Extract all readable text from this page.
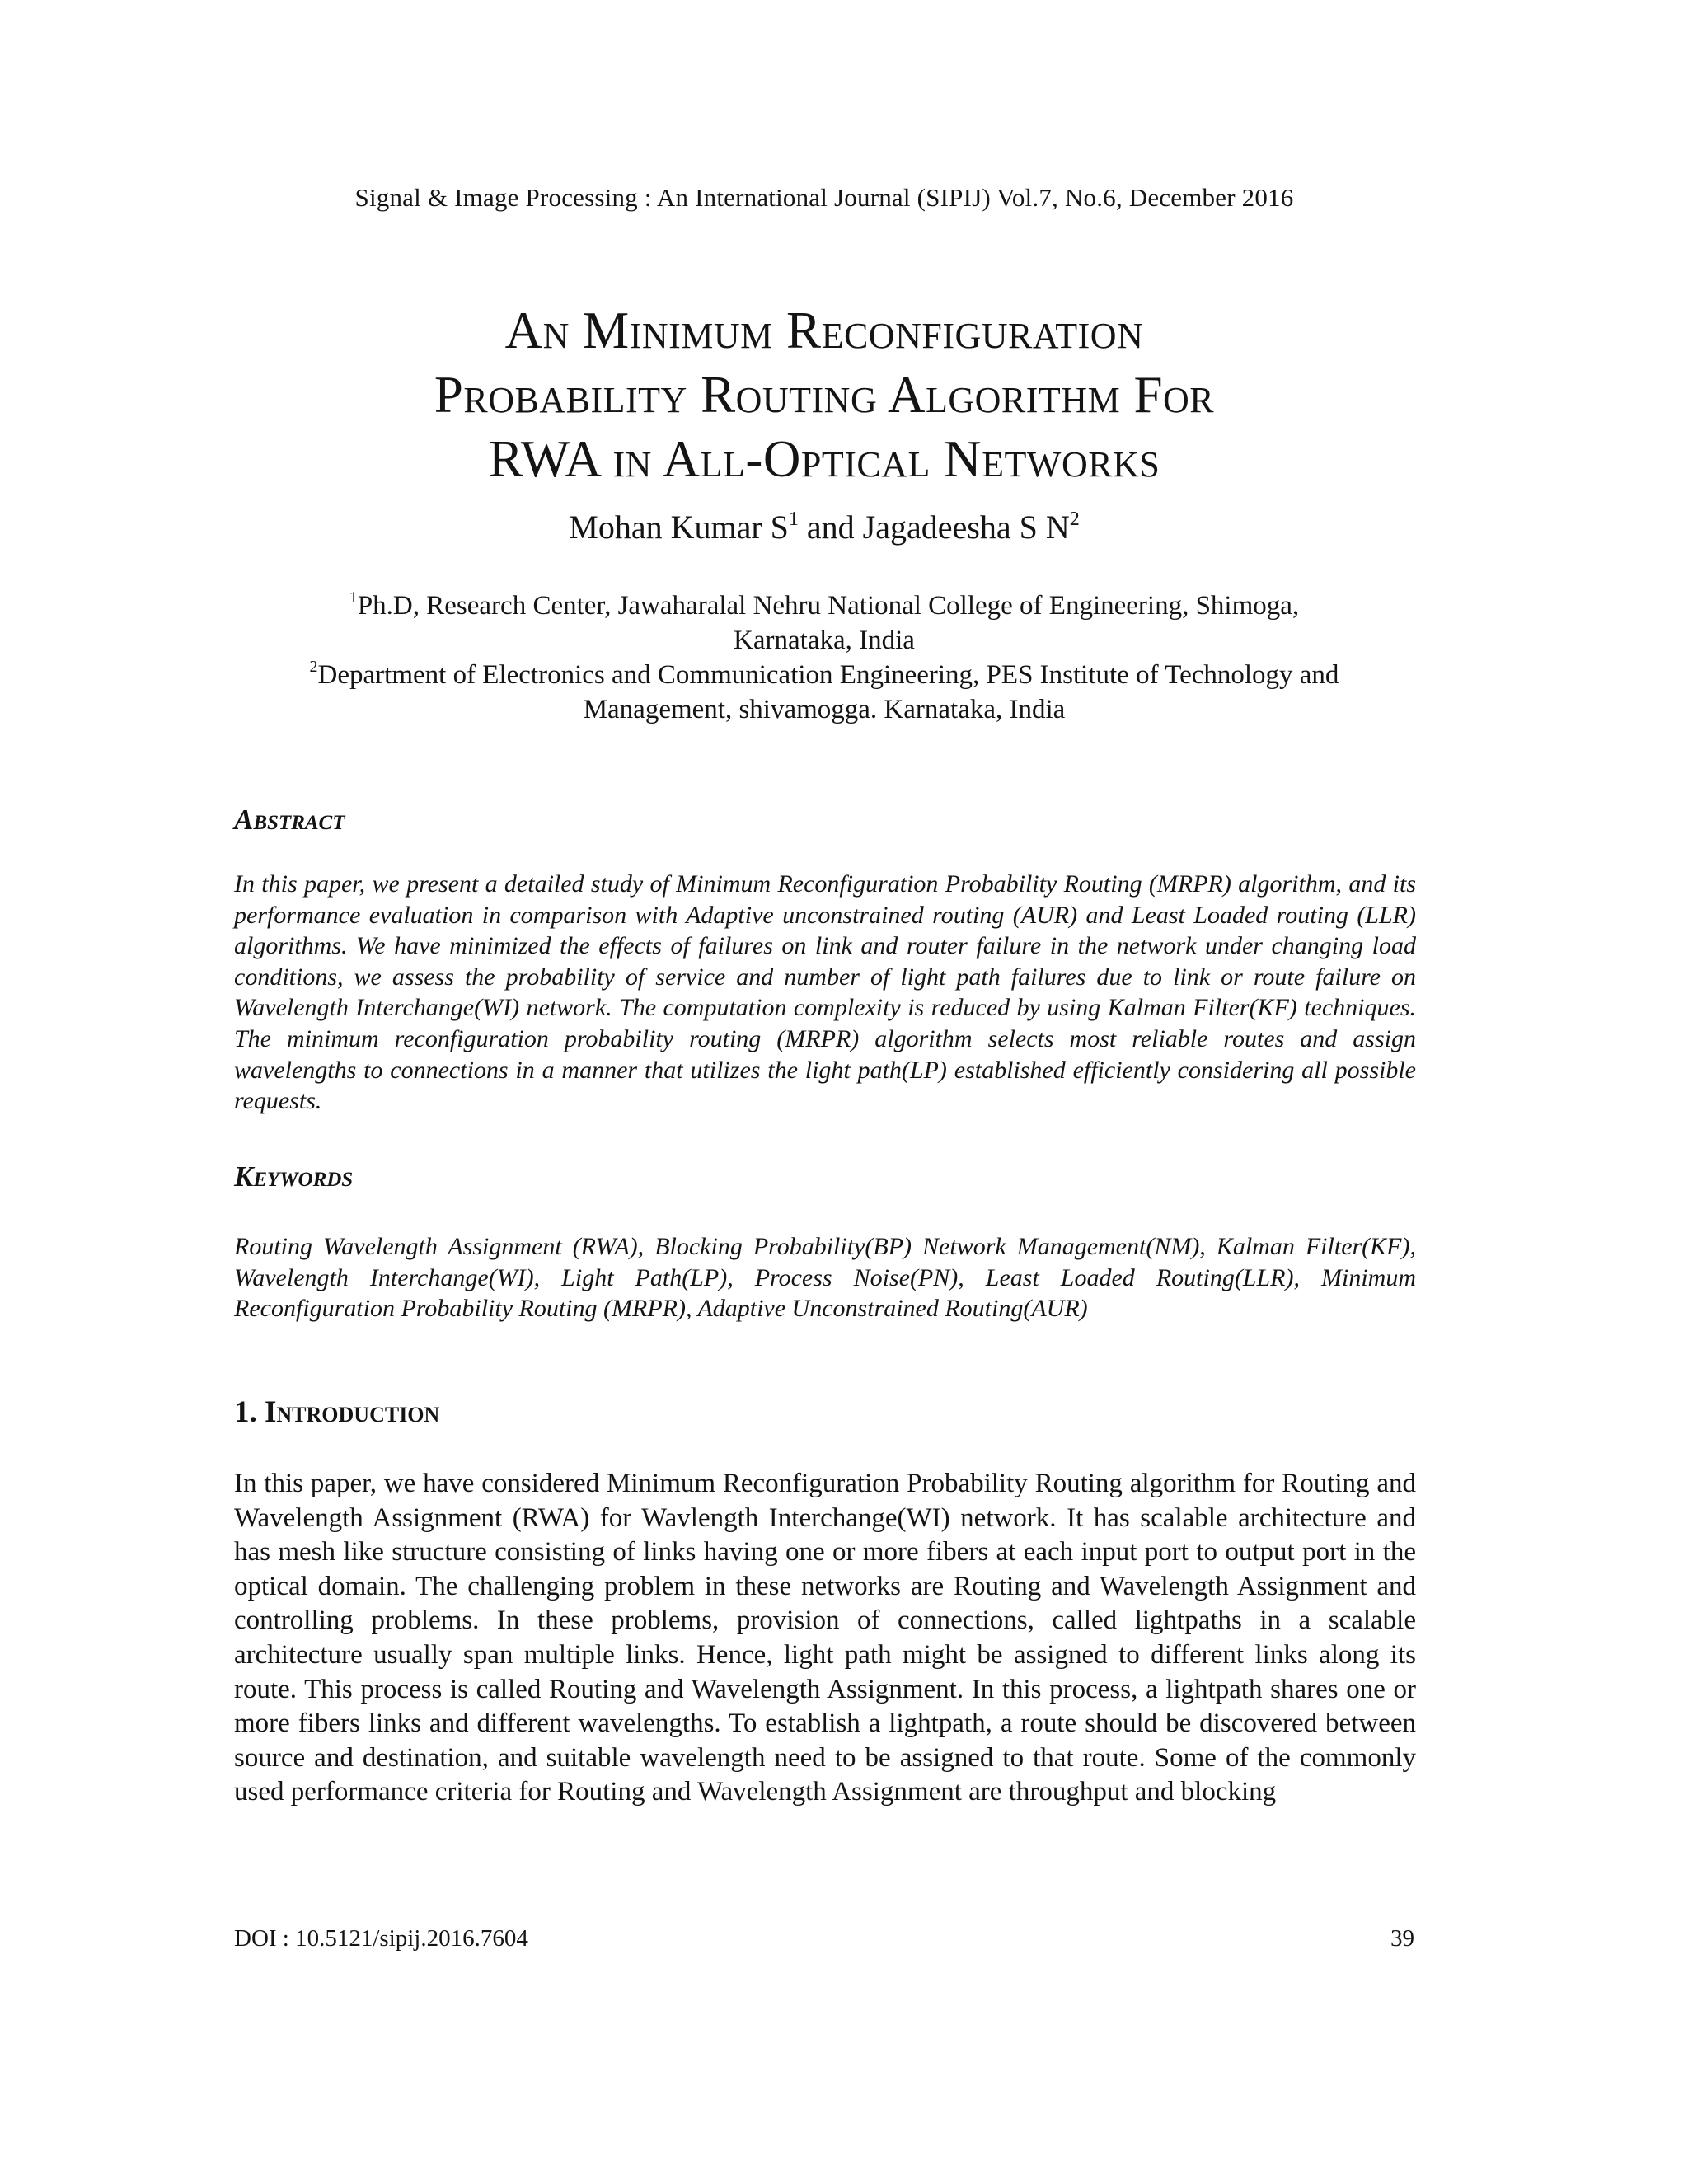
Signal & Image Processing : An International Journal (SIPIJ) Vol.7, No.6, December 2016
An Minimum Reconfiguration
Probability Routing Algorithm For
RWA in All-Optical Networks
Mohan Kumar $S^1$ and Jagadeesha S $N^2$
$^1$Ph.D, Research Center, Jawaharalal Nehru National College of Engineering, Shimoga,
Karnataka, India
$^2$Department of Electronics and Communication Engineering, PES Institute of Technology and
Management, shivamogga. Karnataka, India
Abstract
In this paper, we present a detailed study of Minimum Reconfiguration Probability Routing (MRPR) algorithm, and its performance evaluation in comparison with Adaptive unconstrained routing (AUR) and Least Loaded routing (LLR) algorithms. We have minimized the effects of failures on link and router failure in the network under changing load conditions, we assess the probability of service and number of light path failures due to link or route failure on Wavelength Interchange(WI) network. The computation complexity is reduced by using Kalman Filter(KF) techniques. The minimum reconfiguration probability routing (MRPR) algorithm selects most reliable routes and assign wavelengths to connections in a manner that utilizes the light path(LP) established efficiently considering all possible requests.
Keywords
Routing Wavelength Assignment (RWA), Blocking Probability(BP) Network Management(NM), Kalman Filter(KF), Wavelength Interchange(WI), Light Path(LP), Process Noise(PN), Least Loaded Routing(LLR), Minimum Reconfiguration Probability Routing (MRPR), Adaptive Unconstrained Routing(AUR)
1. Introduction
In this paper, we have considered Minimum Reconfiguration Probability Routing algorithm for Routing and Wavelength Assignment (RWA) for Wavlength Interchange(WI) network. It has scalable architecture and has mesh like structure consisting of links having one or more fibers at each input port to output port in the optical domain. The challenging problem in these networks are Routing and Wavelength Assignment and controlling problems. In these problems, provision of connections, called lightpaths in a scalable architecture usually span multiple links. Hence, light path might be assigned to different links along its route. This process is called Routing and Wavelength Assignment. In this process, a lightpath shares one or more fibers links and different wavelengths. To establish a lightpath, a route should be discovered between source and destination, and suitable wavelength need to be assigned to that route. Some of the commonly used performance criteria for Routing and Wavelength Assignment are throughput and blocking
DOI : 10.5121/sipij.2016.7604	39
